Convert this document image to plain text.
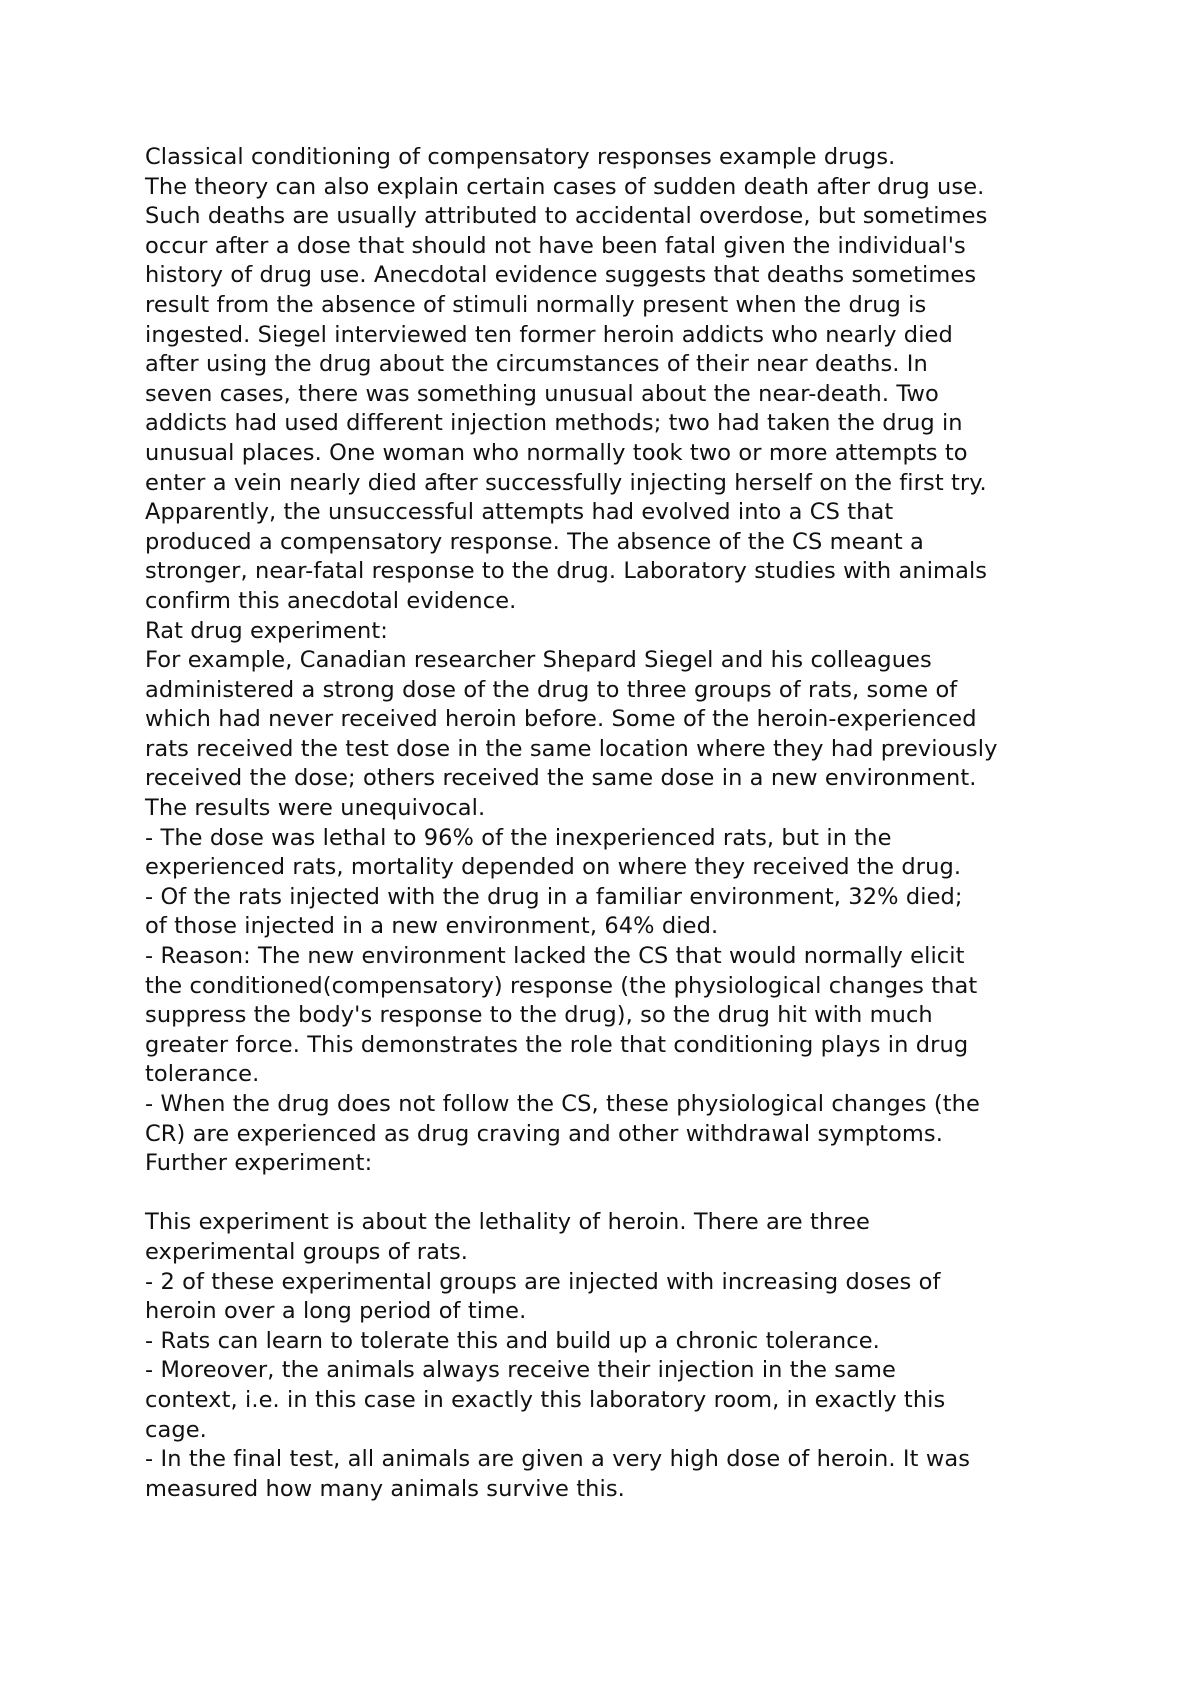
Classical conditioning of compensatory responses example drugs.
The theory can also explain certain cases of sudden death after drug use.
Such deaths are usually attributed to accidental overdose, but sometimes
occur after a dose that should not have been fatal given the individual's
history of drug use. Anecdotal evidence suggests that deaths sometimes
result from the absence of stimuli normally present when the drug is
ingested. Siegel interviewed ten former heroin addicts who nearly died
after using the drug about the circumstances of their near deaths. In
seven cases, there was something unusual about the near-death. Two
addicts had used different injection methods; two had taken the drug in
unusual places. One woman who normally took two or more attempts to
enter a vein nearly died after successfully injecting herself on the first try.
Apparently, the unsuccessful attempts had evolved into a CS that
produced a compensatory response. The absence of the CS meant a
stronger, near-fatal response to the drug. Laboratory studies with animals
confirm this anecdotal evidence.
Rat drug experiment:
For example, Canadian researcher Shepard Siegel and his colleagues
administered a strong dose of the drug to three groups of rats, some of
which had never received heroin before. Some of the heroin-experienced
rats received the test dose in the same location where they had previously
received the dose; others received the same dose in a new environment.
The results were unequivocal.
- The dose was lethal to 96% of the inexperienced rats, but in the
experienced rats, mortality depended on where they received the drug.
- Of the rats injected with the drug in a familiar environment, 32% died;
of those injected in a new environment, 64% died.
- Reason: The new environment lacked the CS that would normally elicit
the conditioned(compensatory) response (the physiological changes that
suppress the body's response to the drug), so the drug hit with much
greater force. This demonstrates the role that conditioning plays in drug
tolerance.
- When the drug does not follow the CS, these physiological changes (the
CR) are experienced as drug craving and other withdrawal symptoms.
Further experiment:
This experiment is about the lethality of heroin. There are three
experimental groups of rats.
- 2 of these experimental groups are injected with increasing doses of
heroin over a long period of time.
- Rats can learn to tolerate this and build up a chronic tolerance.
- Moreover, the animals always receive their injection in the same
context, i.e. in this case in exactly this laboratory room, in exactly this
cage.
- In the final test, all animals are given a very high dose of heroin. It was
measured how many animals survive this.
